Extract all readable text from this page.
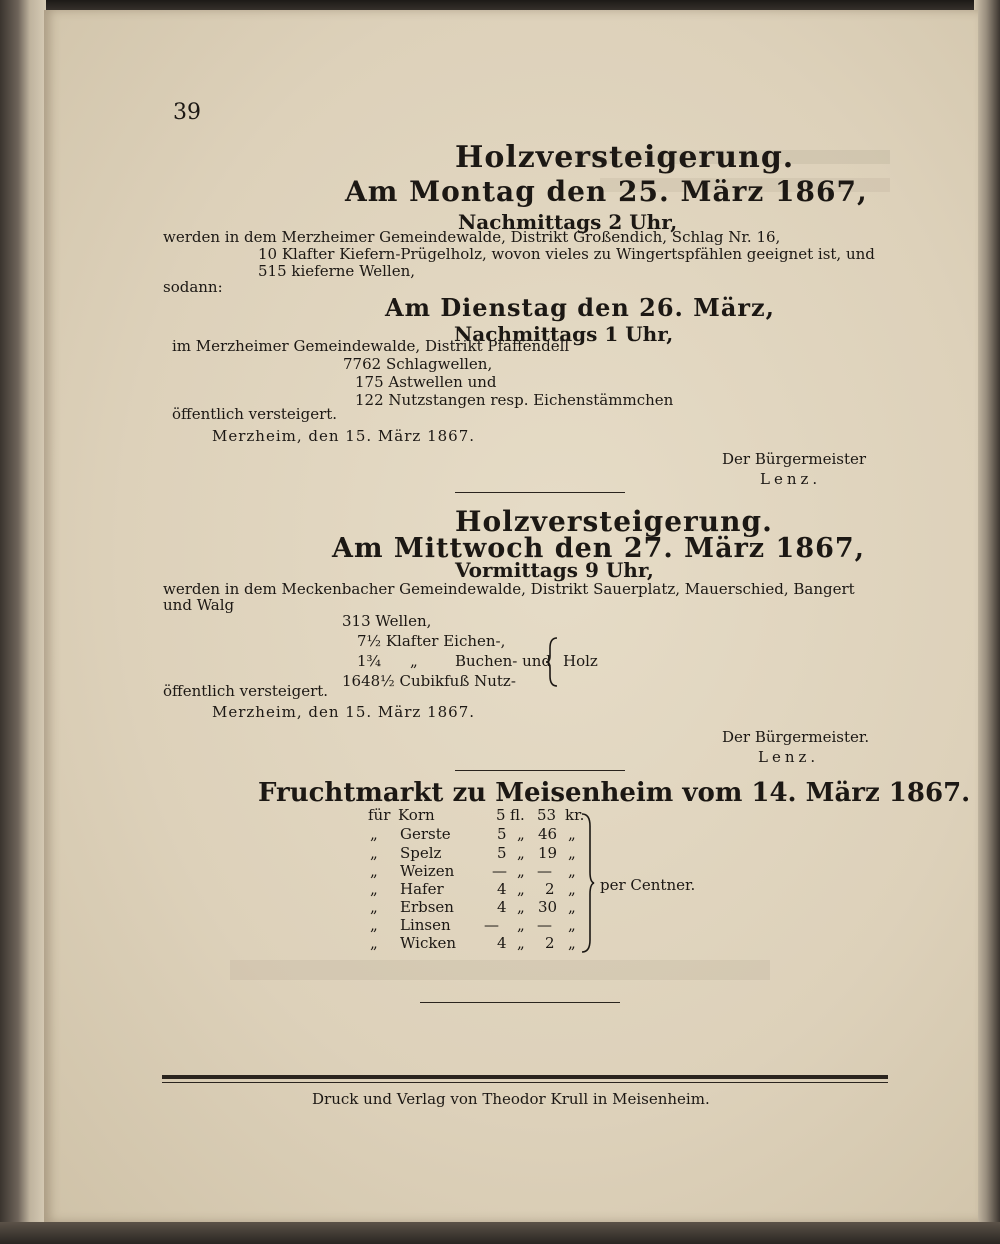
39
Holzversteigerung.
Am Montag den 25. März 1867,
Nachmittags 2 Uhr,
werden in dem Merzheimer Gemeindewalde, Distrikt Großendich, Schlag Nr. 16,
10 Klafter Kiefern-Prügelholz, wovon vieles zu Wingertspfählen geeignet ist, und
515 kieferne Wellen,
sodann:
Am Dienstag den 26. März,
Nachmittags 1 Uhr,
im Merzheimer Gemeindewalde, Distrikt Pfaffendell
7762 Schlagwellen,
175 Astwellen und
122 Nutzstangen resp. Eichenstämmchen
öffentlich versteigert.
Merzheim, den 15. März 1867.
Der Bürgermeister
Lenz.
Holzversteigerung.
Am Mittwoch den 27. März 1867,
Vormittags 9 Uhr,
werden in dem Meckenbacher Gemeindewalde, Distrikt Sauerplatz, Mauerschied, Bangert
und Walg
313 Wellen,
7½ Klafter Eichen-,
1¾ „ Buchen- und
1648½ Cubikfuß Nutz-
Holz
öffentlich versteigert.
Merzheim, den 15. März 1867.
Der Bürgermeister.
Lenz.
Fruchtmarkt zu Meisenheim vom 14. März 1867.
für Korn	5 fl. 53 kr.
„ Gerste	5 „ 46 „
„ Spelz	5 „ 19 „
„ Weizen	— „ — „
„ Hafer	4 „ 2 „
„ Erbsen	4 „ 30 „
„ Linsen — „ — „
„ Wicken	4 „ 2 „
per Centner.
Druck und Verlag von Theodor Krull in Meisenheim.
